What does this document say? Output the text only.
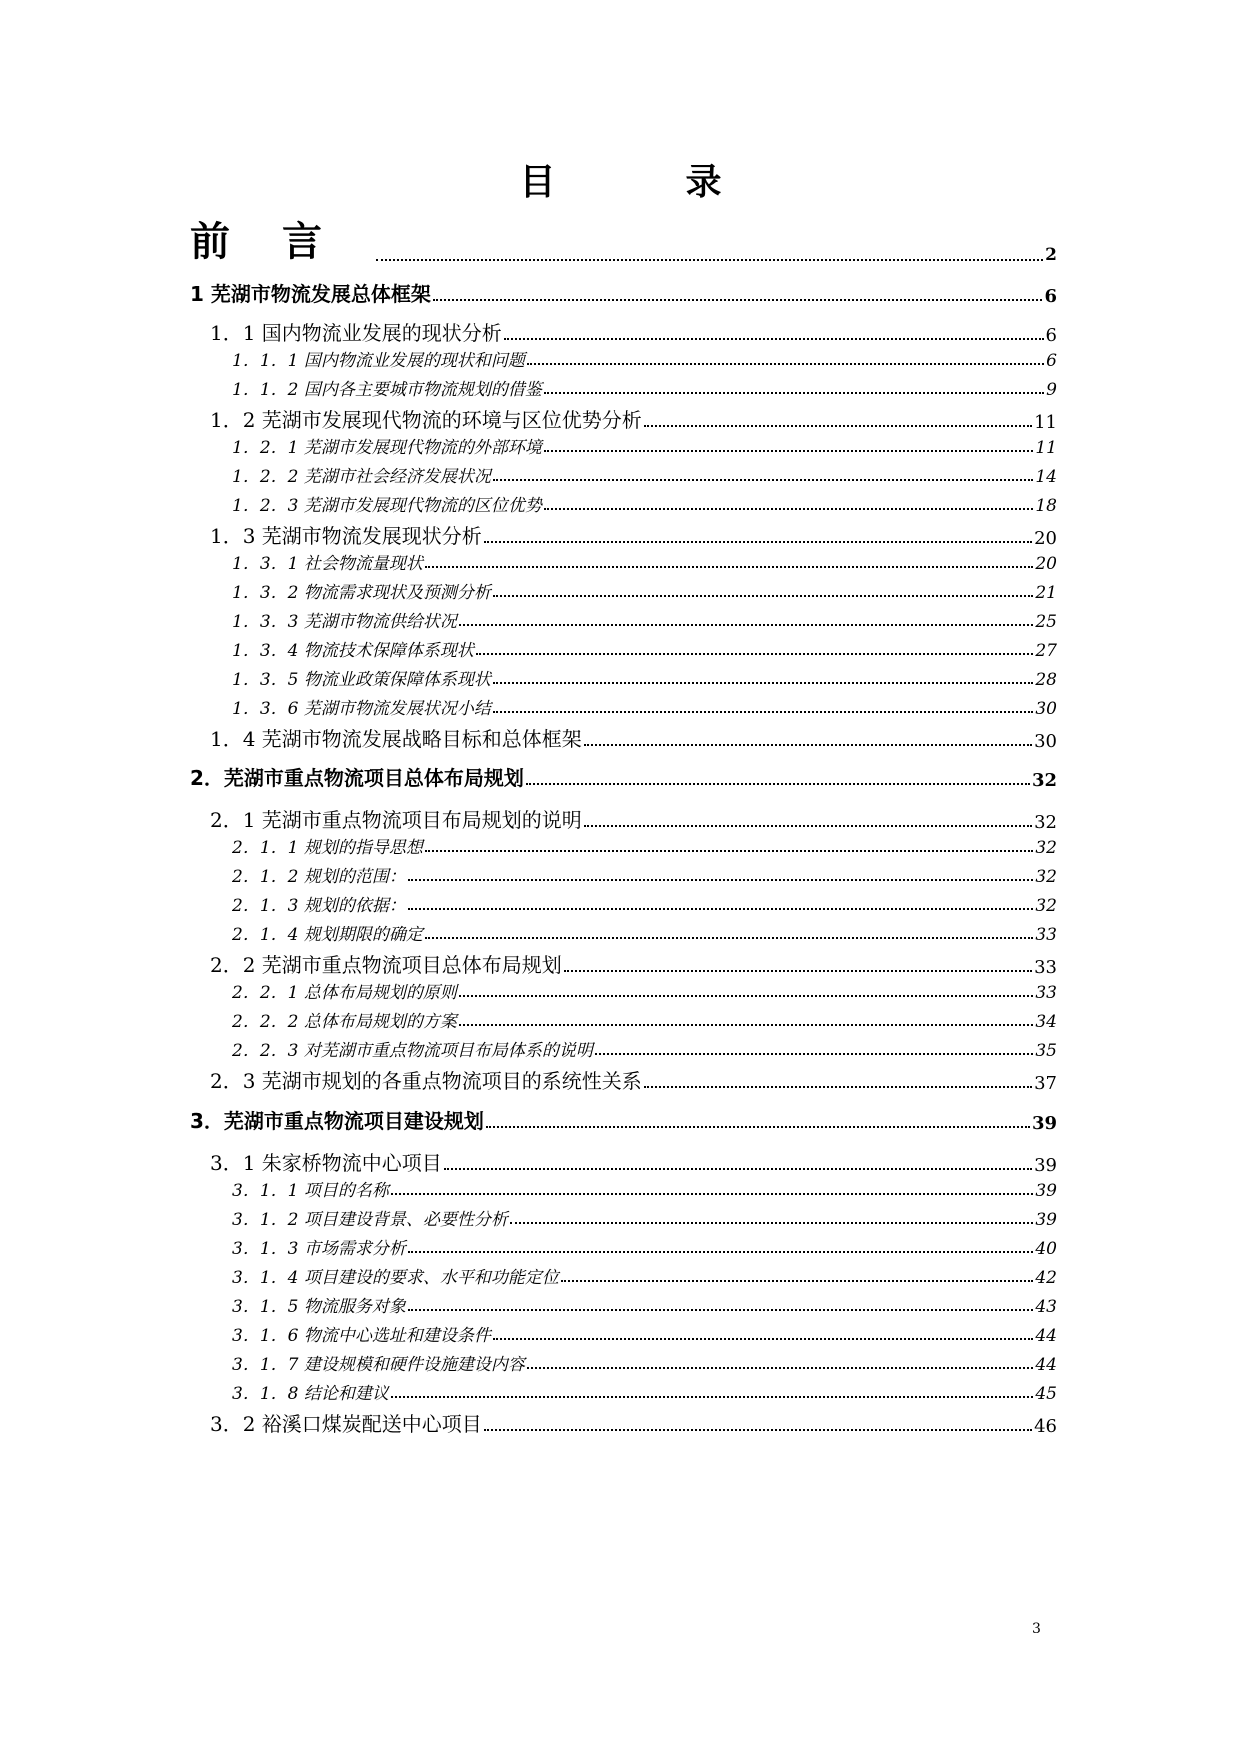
目录
前言	2
1 芜湖市物流发展总体框架	6
1．1 国内物流业发展的现状分析	6
1．1．1 国内物流业发展的现状和问题	6
1．1．2 国内各主要城市物流规划的借鉴	9
1．2 芜湖市发展现代物流的环境与区位优势分析	11
1．2．1 芜湖市发展现代物流的外部环境	11
1．2．2 芜湖市社会经济发展状况	14
1．2．3 芜湖市发展现代物流的区位优势	18
1．3 芜湖市物流发展现状分析	20
1．3．1 社会物流量现状	20
1．3．2 物流需求现状及预测分析	21
1．3．3 芜湖市物流供给状况	25
1．3．4 物流技术保障体系现状	27
1．3．5 物流业政策保障体系现状	28
1．3．6 芜湖市物流发展状况小结	30
1．4 芜湖市物流发展战略目标和总体框架	30
2．芜湖市重点物流项目总体布局规划	32
2．1 芜湖市重点物流项目布局规划的说明	32
2．1．1 规划的指导思想	32
2．1．2 规划的范围：	32
2．1．3 规划的依据：	32
2．1．4 规划期限的确定	33
2．2 芜湖市重点物流项目总体布局规划	33
2．2．1 总体布局规划的原则	33
2．2．2 总体布局规划的方案	34
2．2．3 对芜湖市重点物流项目布局体系的说明	35
2．3 芜湖市规划的各重点物流项目的系统性关系	37
3．芜湖市重点物流项目建设规划	39
3．1 朱家桥物流中心项目	39
3．1．1 项目的名称	39
3．1．2 项目建设背景、必要性分析	39
3．1．3 市场需求分析	40
3．1．4 项目建设的要求、水平和功能定位	42
3．1．5 物流服务对象	43
3．1．6 物流中心选址和建设条件	44
3．1．7 建设规模和硬件设施建设内容	44
3．1．8 结论和建议	45
3．2 裕溪口煤炭配送中心项目	46
3
